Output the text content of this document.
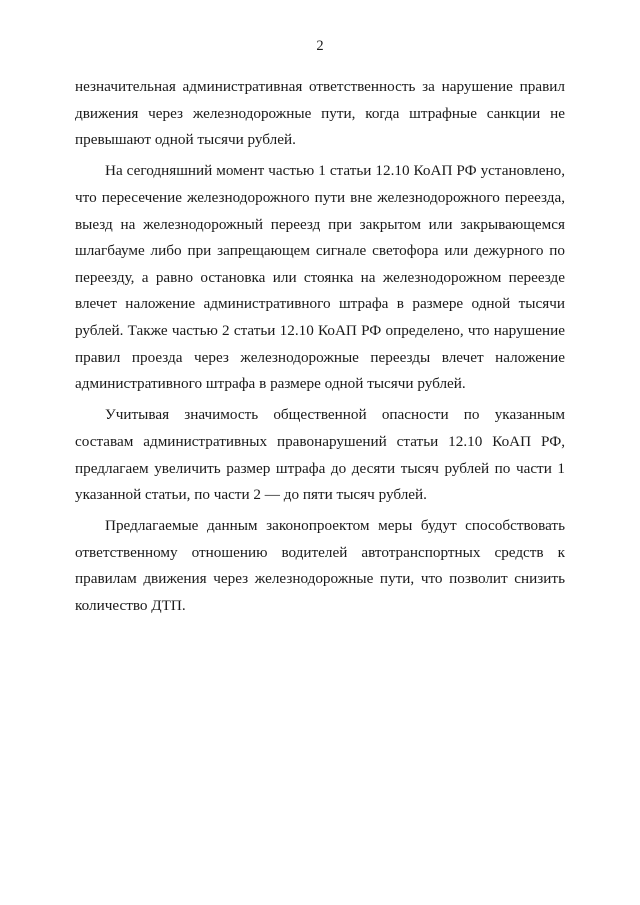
2
незначительная административная ответственность за нарушение правил
движения через железнодорожные пути, когда штрафные санкции не
превышают одной тысячи рублей.
На сегодняшний момент частью 1 статьи 12.10 КоАП РФ установлено,
что пересечение железнодорожного пути вне железнодорожного переезда,
выезд на железнодорожный переезд при закрытом или закрывающемся
шлагбауме либо при запрещающем сигнале светофора или дежурного по
переезду, а равно остановка или стоянка на железнодорожном переезде
влечет наложение административного штрафа в размере одной тысячи
рублей. Также частью 2 статьи 12.10 КоАП РФ определено, что нарушение
правил проезда через железнодорожные переезды влечет наложение
административного штрафа в размере одной тысячи рублей.
Учитывая значимость общественной опасности по указанным
составам административных правонарушений статьи 12.10 КоАП РФ,
предлагаем увеличить размер штрафа до десяти тысяч рублей по части 1
указанной статьи, по части 2 — до пяти тысяч рублей.
Предлагаемые данным законопроектом меры будут способствовать
ответственному отношению водителей автотранспортных средств к
правилам движения через железнодорожные пути, что позволит снизить
количество ДТП.
